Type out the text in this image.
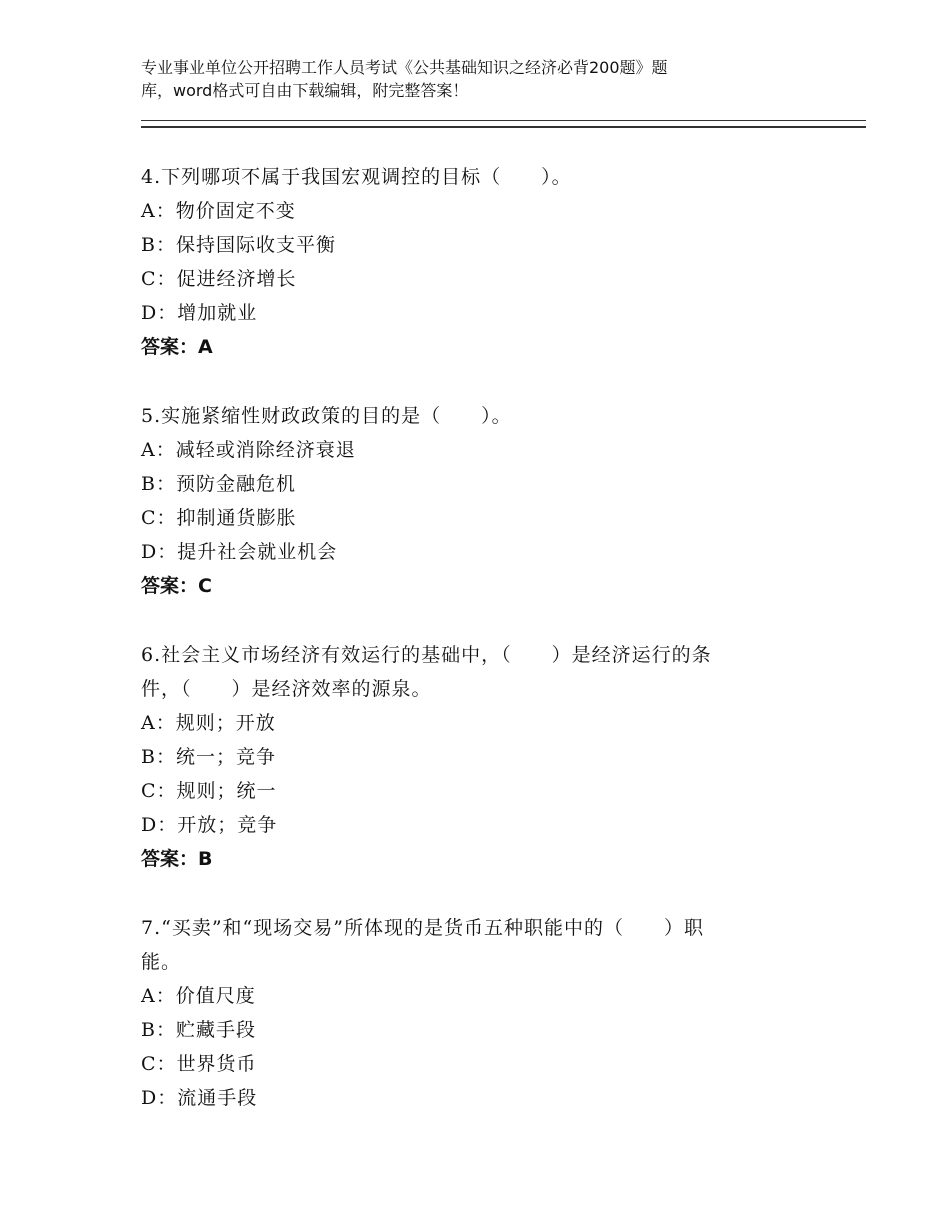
专业事业单位公开招聘工作人员考试《公共基础知识之经济必背200题》题
库，word格式可自由下载编辑，附完整答案！
4.下列哪项不属于我国宏观调控的目标（　　）。
A：物价固定不变
B：保持国际收支平衡
C：促进经济增长
D：增加就业
答案：A
5.实施紧缩性财政政策的目的是（　　）。
A：减轻或消除经济衰退
B：预防金融危机
C：抑制通货膨胀
D：提升社会就业机会
答案：C
6.社会主义市场经济有效运行的基础中，（　　）是经济运行的条
件，（　　）是经济效率的源泉。
A：规则；开放
B：统一；竞争
C：规则；统一
D：开放；竞争
答案：B
7.“买卖”和“现场交易”所体现的是货币五种职能中的（　　）职
能。
A：价值尺度
B：贮藏手段
C：世界货币
D：流通手段
